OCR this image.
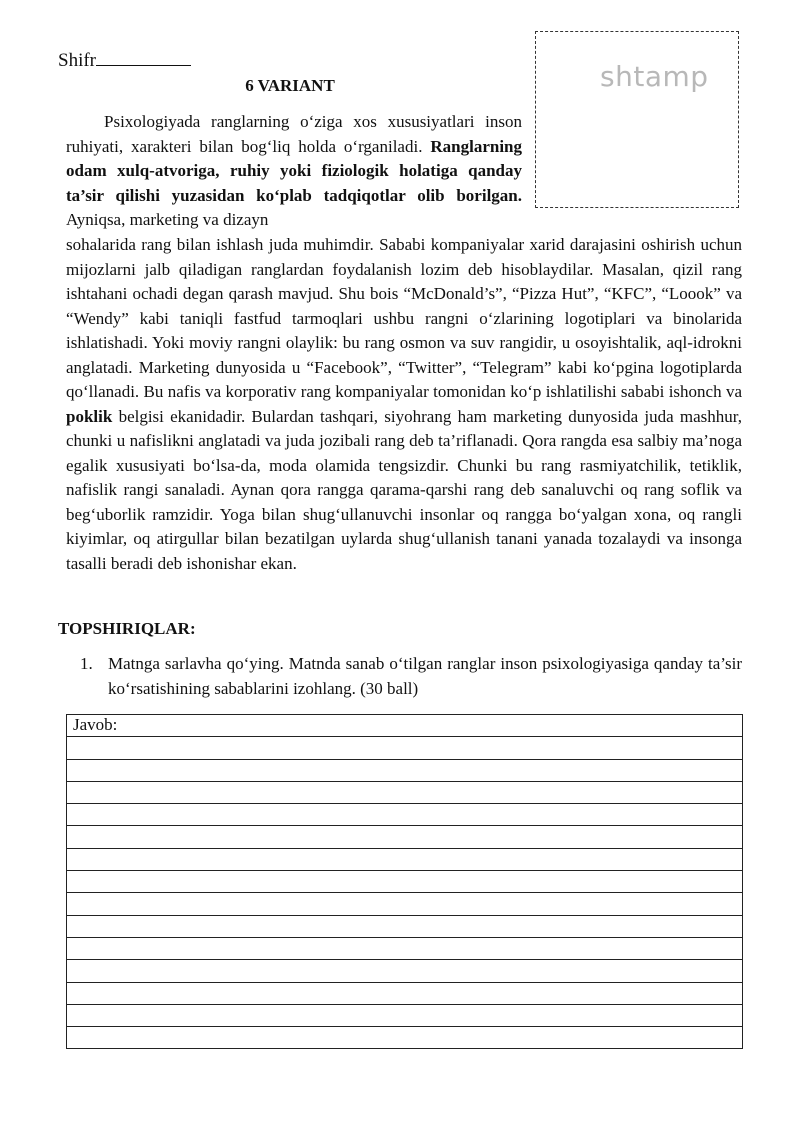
Shifr	shtamp
6 VARIANT
Psixologiyada ranglarning o‘ziga xos xususiyatlari inson ruhiyati, xarakteri bilan bog‘liq holda o‘rganiladi. Ranglarning odam xulq-atvoriga, ruhiy yoki fiziologik holatiga qanday ta’sir qilishi yuzasidan ko‘plab tadqiqotlar olib borilgan. Ayniqsa, marketing va dizayn
sohalarida rang bilan ishlash juda muhimdir. Sababi kompaniyalar xarid darajasini oshirish uchun mijozlarni jalb qiladigan ranglardan foydalanish lozim deb hisoblaydilar. Masalan, qizil rang ishtahani ochadi degan qarash mavjud. Shu bois “McDonald’s”, “Pizza Hut”, “KFC”, “Loook” va “Wendy” kabi taniqli fastfud tarmoqlari ushbu rangni o‘zlarining logotiplari va binolarida ishlatishadi. Yoki moviy rangni olaylik: bu rang osmon va suv rangidir, u osoyishtalik, aql-idrokni anglatadi. Marketing dunyosida u “Facebook”, “Twitter”, “Telegram” kabi ko‘pgina logotiplarda qo‘llanadi. Bu nafis va korporativ rang kompaniyalar tomonidan ko‘p ishlatilishi sababi ishonch va poklik belgisi ekanidadir. Bulardan tashqari, siyohrang ham marketing dunyosida juda mashhur, chunki u nafislikni anglatadi va juda jozibali rang deb ta’riflanadi. Qora rangda esa salbiy ma’noga egalik xususiyati bo‘lsa-da, moda olamida tengsizdir. Chunki bu rang rasmiyatchilik, tetiklik, nafislik rangi sanaladi. Aynan qora rangga qarama-qarshi rang deb sanaluvchi oq rang soflik va beg‘uborlik ramzidir. Yoga bilan shug‘ullanuvchi insonlar oq rangga bo‘yalgan xona, oq rangli kiyimlar, oq atirgullar bilan bezatilgan uylarda shug‘ullanish tanani yanada tozalaydi va insonga tasalli beradi deb ishonishar ekan.
TOPSHIRIQLAR:
1. Matnga sarlavha qo‘ying. Matnda sanab o‘tilgan ranglar inson psixologiyasiga qanday ta’sir ko‘rsatishining sabablarini izohlang. (30 ball)
Javob:
